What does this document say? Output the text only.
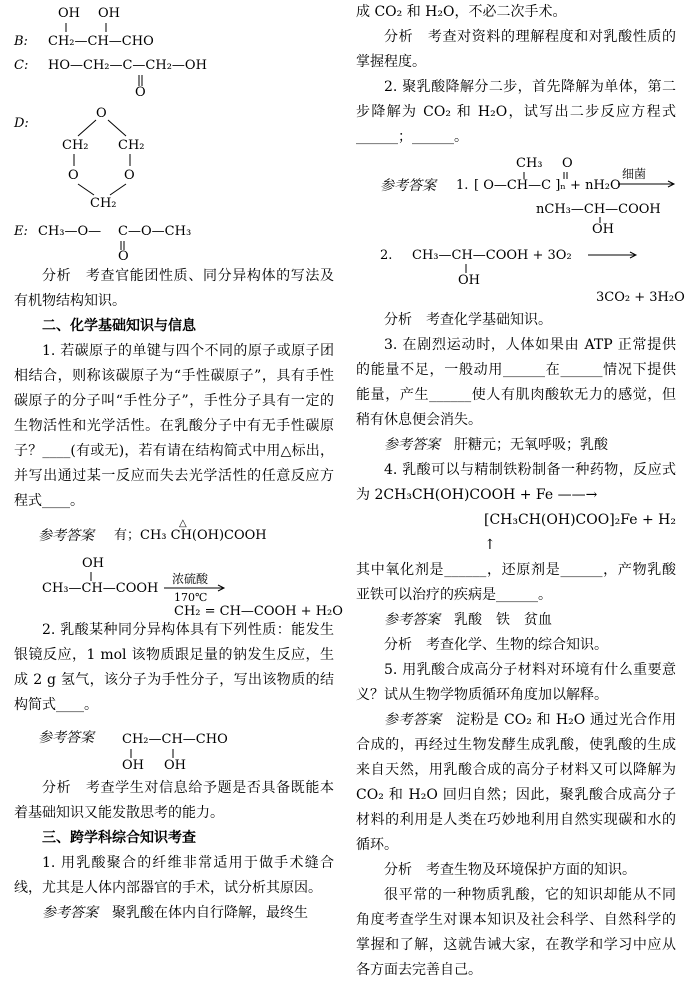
OH OH
B: CH₂—CH—CHO
C: HO—CH₂—C—CH₂—OH
O
O
D:
CH₂ CH₂
O	O
CH₂
E: CH₃—O— C —O—CH₃
O

分析　考查官能团性质、同分异构体的写法及有机物结构知识。

二、化学基础知识与信息

1. 若碳原子的单键与四个不同的原子或原子团相结合，则称该碳原子为“手性碳原子”，具有手性碳原子的分子叫“手性分子”，手性分子具有一定的生物活性和光学活性。在乳酸分子中有无手性碳原子？____(有或无)，若有请在结构简式中用△标出，并写出通过某一反应而失去光学活性的任意反应方程式____。

参考答案 有；CH₃ CH(OH)COOH
△
OH
CH₃—CH—COOH
浓硫酸
170℃
CH₂ = CH—COOH + H₂O

2. 乳酸某种同分异构体具有下列性质：能发生银镜反应，1 mol 该物质跟足量的钠发生反应，生成 2 g 氢气，该分子为手性分子，写出该物质的结构简式____。

参考答案 CH₂—CH—CHO
OH OH

分析　考查学生对信息给予题是否具备既能本着基础知识又能发散思考的能力。

三、跨学科综合知识考查

1. 用乳酸聚合的纤维非常适用于做手术缝合线，尤其是人体内部器官的手术，试分析其原因。

参考答案　 聚乳酸在体内自行降解，最终生

成 CO₂ 和 H₂O，不必二次手术。

分析　考查对资料的理解程度和对乳酸性质的掌握程度。

2. 聚乳酸降解分二步，首先降解为单体，第二步降解为 CO₂ 和 H₂O，试写出二步反应方程式______；______。

CH₃ O
参考答案 1. [ O—CH—C ]ₙ + nH₂O
细菌
nCH₃—CH—COOH
OH
2. CH₃—CH—COOH + 3O₂
OH
3CO₂ + 3H₂O

分析　考查化学基础知识。

3. 在剧烈运动时，人体如果由 ATP 正常提供的能量不足，一般动用______在______情况下提供能量，产生______使人有肌肉酸软无力的感觉，但稍有休息便会消失。

参考答案　 肝糖元；无氧呼吸；乳酸

4. 乳酸可以与精制铁粉制备一种药物，反应式为 2CH₃CH(OH)COOH + Fe ——→

[CH₃CH(OH)COO]₂Fe + H₂ ↑

其中氧化剂是______，还原剂是______，产物乳酸亚铁可以治疗的疾病是______。

参考答案　 乳酸　铁　贫血

分析　考查化学、生物的综合知识。

5. 用乳酸合成高分子材料对环境有什么重要意义？试从生物学物质循环角度加以解释。

参考答案　 淀粉是 CO₂ 和 H₂O 通过光合作用合成的，再经过生物发酵生成乳酸，使乳酸的生成来自天然，用乳酸合成的高分子材料又可以降解为 CO₂ 和 H₂O 回归自然；因此，聚乳酸合成高分子材料的利用是人类在巧妙地利用自然实现碳和水的循环。

分析　考查生物及环境保护方面的知识。

很平常的一种物质乳酸，它的知识却能从不同角度考查学生对课本知识及社会科学、自然科学的掌握和了解，这就告诫大家，在教学和学习中应从各方面去完善自己。
